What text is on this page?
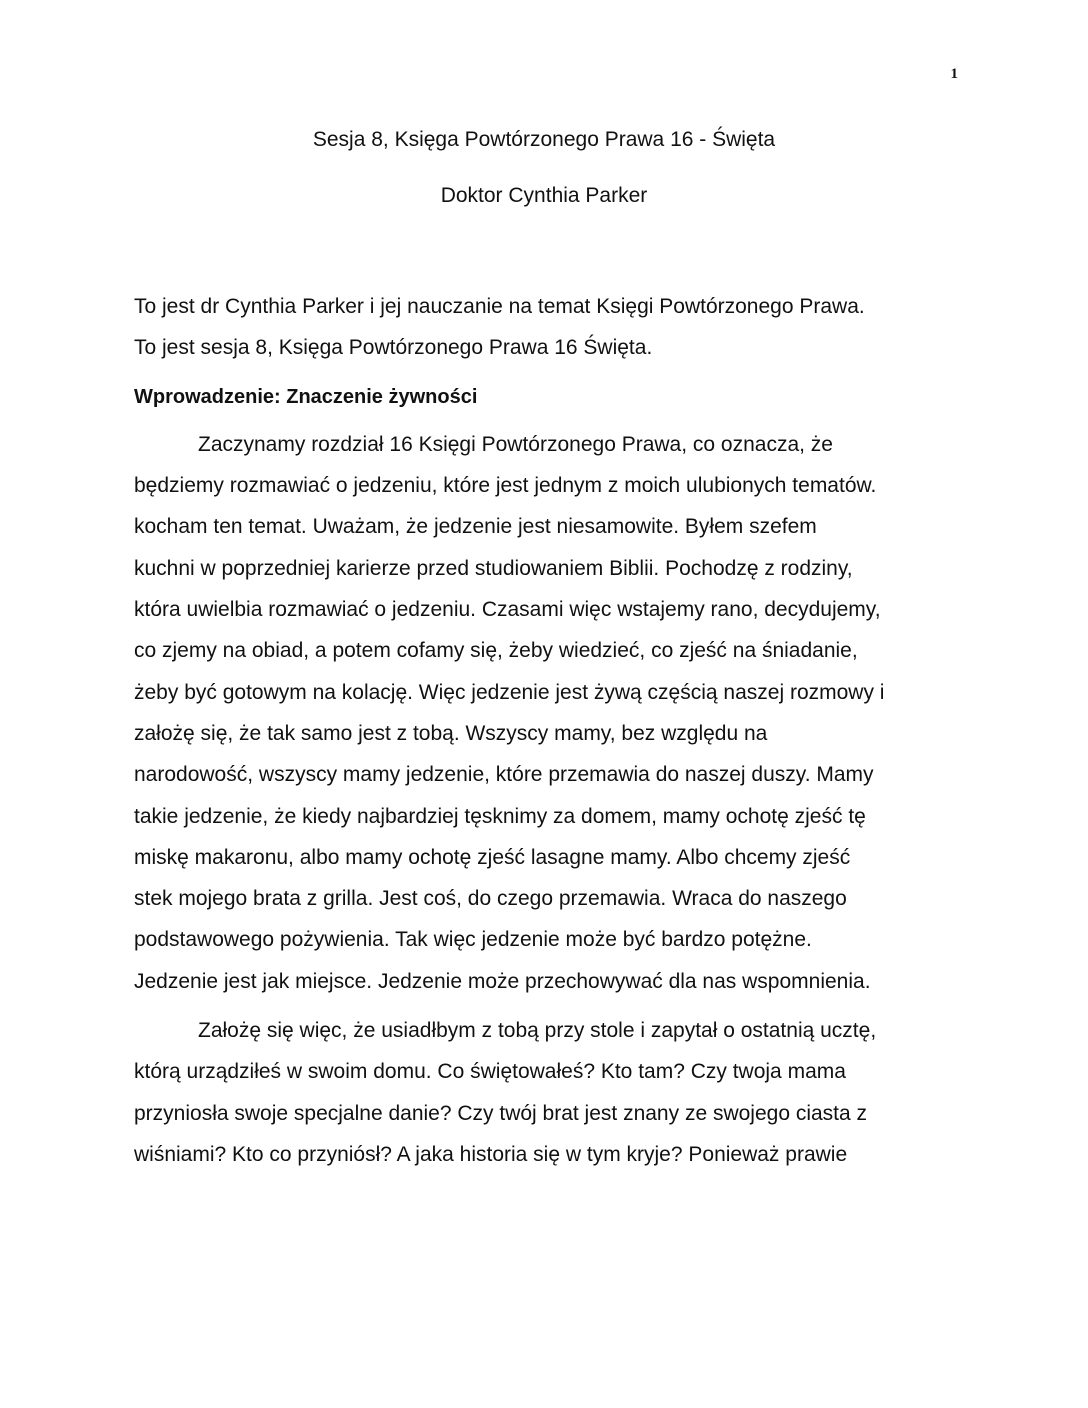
1
Sesja 8, Księga Powtórzonego Prawa 16 - Święta
Doktor Cynthia Parker

To jest dr Cynthia Parker i jej nauczanie na temat Księgi Powtórzonego Prawa.
To jest sesja 8, Księga Powtórzonego Prawa 16 Święta.

Wprowadzenie: Znaczenie żywności

Zaczynamy rozdział 16 Księgi Powtórzonego Prawa, co oznacza, że
będziemy rozmawiać o jedzeniu, które jest jednym z moich ulubionych tematów.
kocham ten temat. Uważam, że jedzenie jest niesamowite. Byłem szefem
kuchni w poprzedniej karierze przed studiowaniem Biblii. Pochodzę z rodziny,
która uwielbia rozmawiać o jedzeniu. Czasami więc wstajemy rano, decydujemy,
co zjemy na obiad, a potem cofamy się, żeby wiedzieć, co zjeść na śniadanie,
żeby być gotowym na kolację. Więc jedzenie jest żywą częścią naszej rozmowy i
założę się, że tak samo jest z tobą. Wszyscy mamy, bez względu na
narodowość, wszyscy mamy jedzenie, które przemawia do naszej duszy. Mamy
takie jedzenie, że kiedy najbardziej tęsknimy za domem, mamy ochotę zjeść tę
miskę makaronu, albo mamy ochotę zjeść lasagne mamy. Albo chcemy zjeść
stek mojego brata z grilla. Jest coś, do czego przemawia. Wraca do naszego
podstawowego pożywienia. Tak więc jedzenie może być bardzo potężne.
Jedzenie jest jak miejsce. Jedzenie może przechowywać dla nas wspomnienia.

Założę się więc, że usiadłbym z tobą przy stole i zapytał o ostatnią ucztę,
którą urządziłeś w swoim domu. Co świętowałeś? Kto tam? Czy twoja mama
przyniosła swoje specjalne danie? Czy twój brat jest znany ze swojego ciasta z
wiśniami? Kto co przyniósł? A jaka historia się w tym kryje? Ponieważ prawie
